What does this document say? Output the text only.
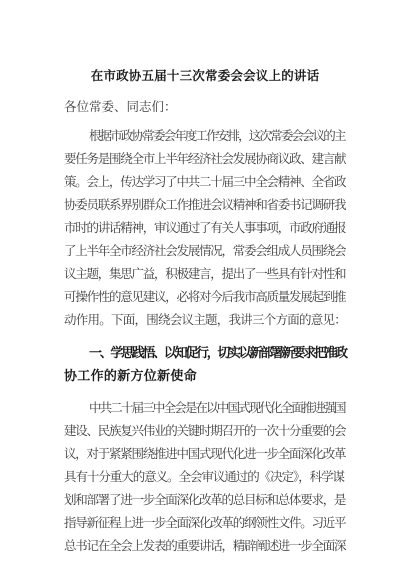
在市政协五届十三次常委会会议上的讲话
各位常委、同志们：
根据市政协常委会年度工作安排，这次常委会会议的主
要任务是围绕全市上半年经济社会发展协商议政、建言献
策。会上，传达学习了中共二十届三中全会精神、全省政
协委员联系界别群众工作推进会议精神和省委书记调研我
市时的讲话精神，审议通过了有关人事事项，市政府通报
了上半年全市经济社会发展情况，常委会组成人员围绕会
议主题，集思广益，积极建言，提出了一些具有针对性和
可操作性的意见建议，必将对今后我市高质量发展起到推
动作用。下面，围绕会议主题，我讲三个方面的意见：
一、学思践悟、以知促行，切实以新部署新要求把准政
协工作的新方位新使命
中共二十届三中全会是在以中国式现代化全面推进强国
建设、民族复兴伟业的关键时期召开的一次十分重要的会
议，对于紧紧围绕推进中国式现代化进一步全面深化改革
具有十分重大的意义。全会审议通过的《决定》，科学谋
划和部署了进一步全面深化改革的总目标和总体要求，是
指导新征程上进一步全面深化改革的纲领性文件。习近平
总书记在全会上发表的重要讲话，精辟阐述进一步全面深
